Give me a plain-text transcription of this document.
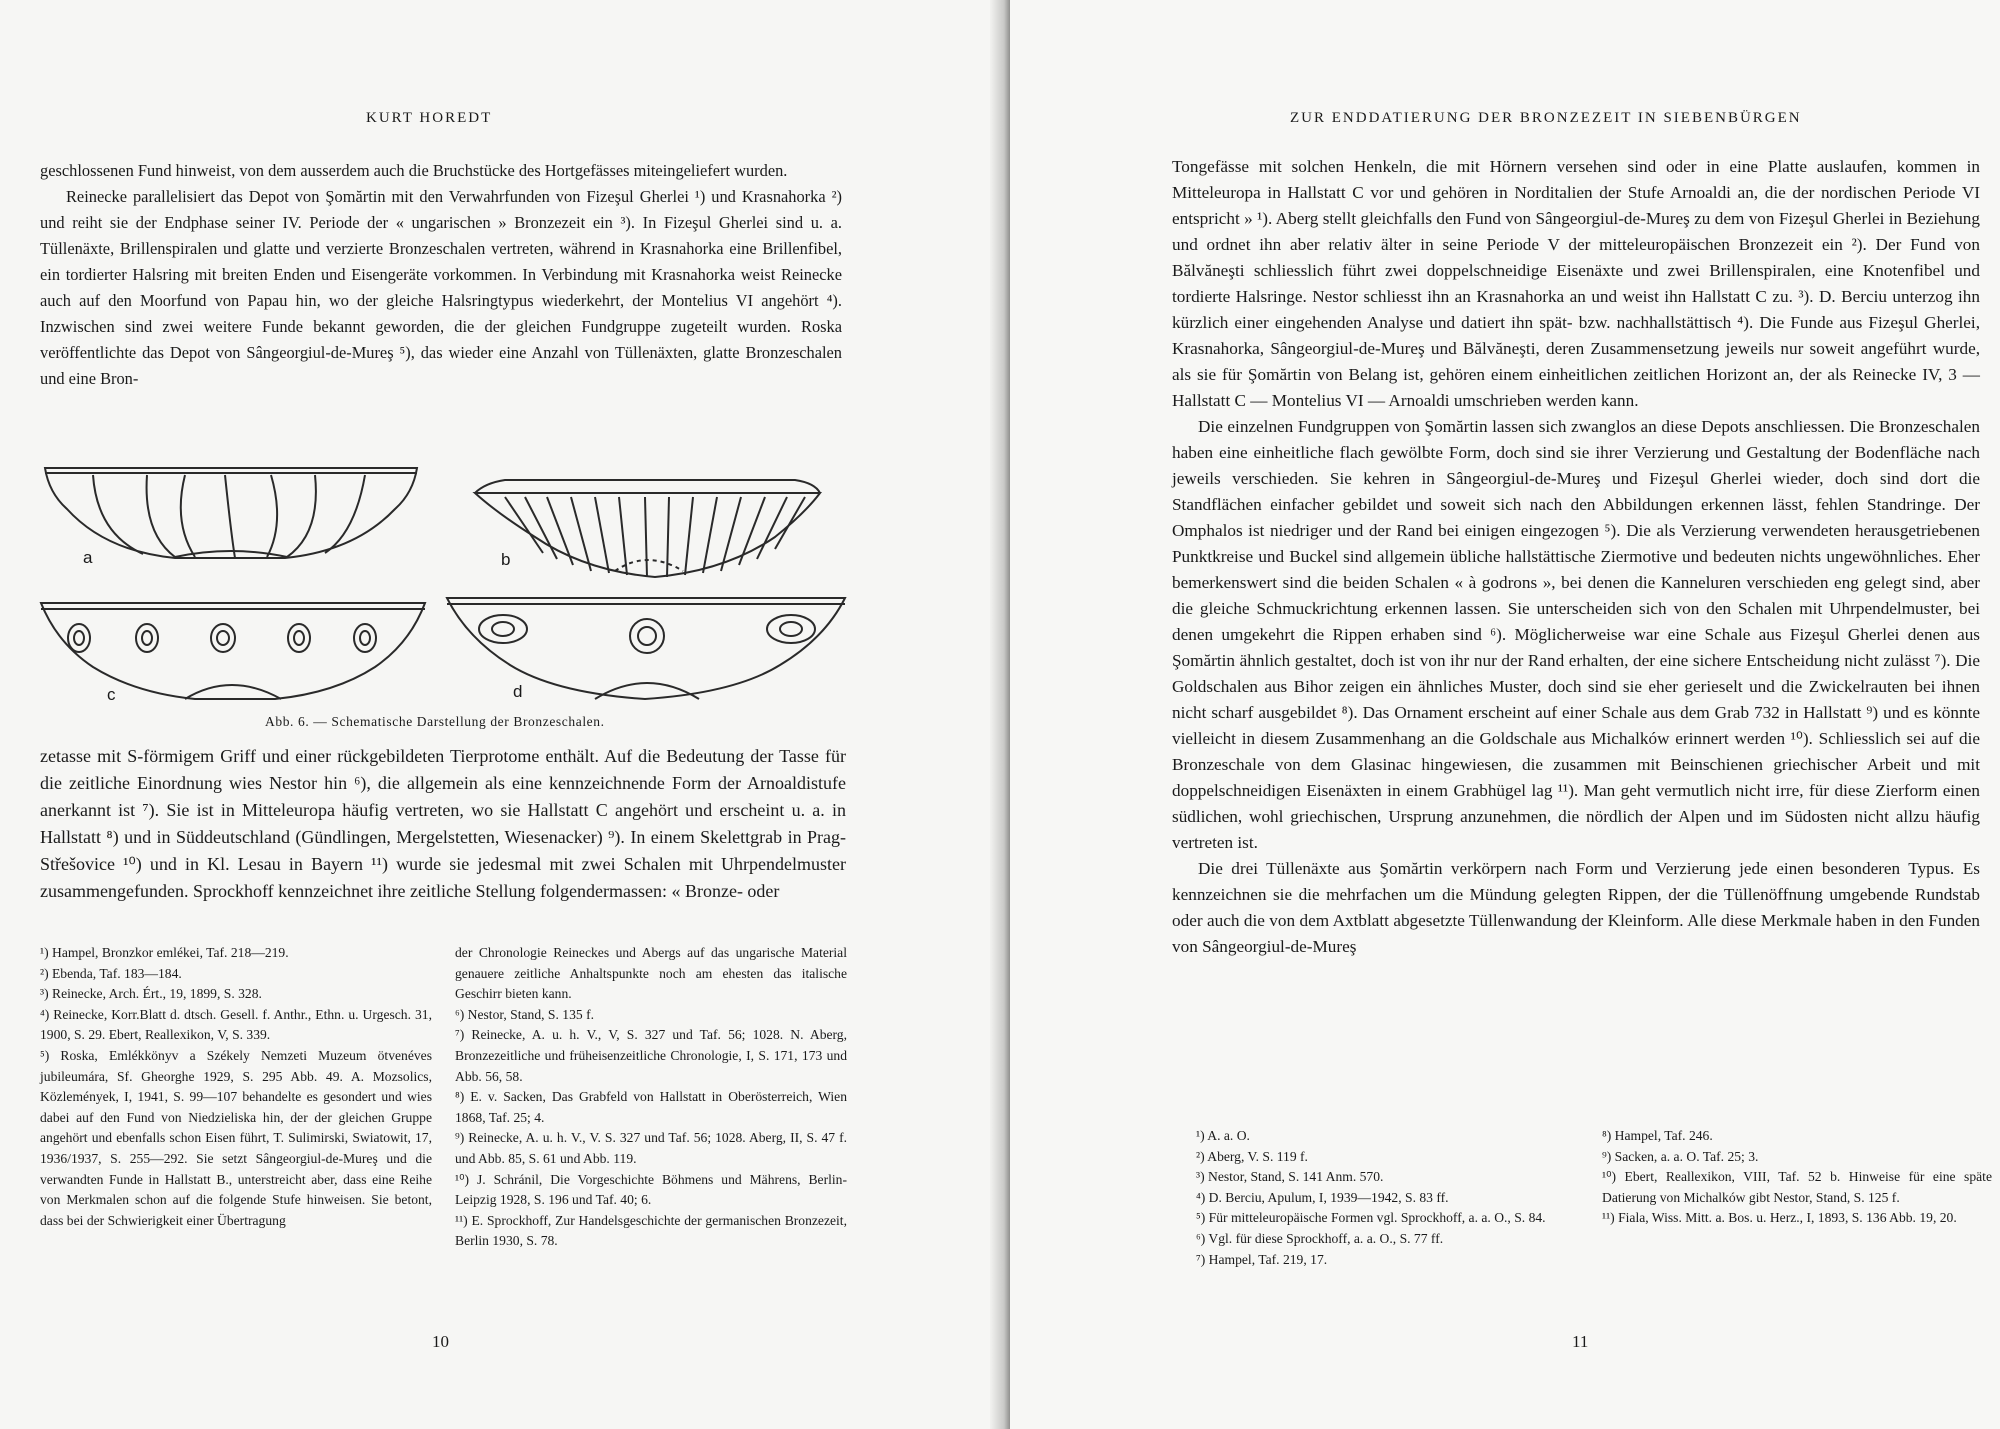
KURT HOREDT

geschlossenen Fund hinweist, von dem ausserdem auch die Bruchstücke des Hortgefässes miteingeliefert wurden.

Reinecke parallelisiert das Depot von Şomărtin mit den Verwahrfunden von Fizeşul Gherlei ¹) und Krasnahorka ²) und reiht sie der Endphase seiner IV. Periode der « ungarischen » Bronzezeit ein ³). In Fizeşul Gherlei sind u. a. Tüllenäxte, Brillenspiralen und glatte und verzierte Bronzeschalen vertreten, während in Krasnahorka eine Brillenfibel, ein tordierter Halsring mit breiten Enden und Eisengeräte vorkommen. In Verbindung mit Krasnahorka weist Reinecke auch auf den Moorfund von Papau hin, wo der gleiche Halsringtypus wiederkehrt, der Montelius VI angehört ⁴). Inzwischen sind zwei weitere Funde bekannt geworden, die der gleichen Fundgruppe zugeteilt wurden. Roska veröffentlichte das Depot von Sângeorgiul-de-Mureş ⁵), das wieder eine Anzahl von Tüllenäxten, glatte Bronzeschalen und eine Bron-

a	b
c	d
Abb. 6. — Schematische Darstellung der Bronzeschalen.

zetasse mit S-förmigem Griff und einer rückgebildeten Tierprotome enthält. Auf die Bedeutung der Tasse für die zeitliche Einordnung wies Nestor hin ⁶), die allgemein als eine kennzeichnende Form der Arnoaldistufe anerkannt ist ⁷). Sie ist in Mitteleuropa häufig vertreten, wo sie Hallstatt C angehört und erscheint u. a. in Hallstatt ⁸) und in Süddeutschland (Gündlingen, Mergelstetten, Wiesenacker) ⁹). In einem Skelettgrab in Prag-Střešovice ¹⁰) und in Kl. Lesau in Bayern ¹¹) wurde sie jedesmal mit zwei Schalen mit Uhrpendelmuster zusammengefunden. Sprockhoff kennzeichnet ihre zeitliche Stellung folgendermassen: « Bronze- oder

¹) Hampel, Bronzkor emlékei, Taf. 218—219.

²) Ebenda, Taf. 183—184.

³) Reinecke, Arch. Ért., 19, 1899, S. 328.

⁴) Reinecke, Korr.Blatt d. dtsch. Gesell. f. Anthr., Ethn. u. Urgesch. 31, 1900, S. 29. Ebert, Reallexikon, V, S. 339.

⁵) Roska, Emlékkönyv a Székely Nemzeti Muzeum ötvenéves jubileumára, Sf. Gheorghe 1929, S. 295 Abb. 49. A. Mozsolics, Közlemények, I, 1941, S. 99—107 behandelte es gesondert und wies dabei auf den Fund von Niedzieliska hin, der der gleichen Gruppe angehört und ebenfalls schon Eisen führt, T. Sulimirski, Swiatowit, 17, 1936/1937, S. 255—292. Sie setzt Sângeorgiul-de-Mureş und die verwandten Funde in Hallstatt B., unterstreicht aber, dass eine Reihe von Merkmalen schon auf die folgende Stufe hinweisen. Sie betont, dass bei der Schwierigkeit einer Übertragung

der Chronologie Reineckes und Abergs auf das ungarische Material genauere zeitliche Anhaltspunkte noch am ehesten das italische Geschirr bieten kann.

⁶) Nestor, Stand, S. 135 f.

⁷) Reinecke, A. u. h. V., V, S. 327 und Taf. 56; 1028. N. Aberg, Bronzezeitliche und früheisenzeitliche Chronologie, I, S. 171, 173 und Abb. 56, 58.

⁸) E. v. Sacken, Das Grabfeld von Hallstatt in Oberösterreich, Wien 1868, Taf. 25; 4.

⁹) Reinecke, A. u. h. V., V. S. 327 und Taf. 56; 1028. Aberg, II, S. 47 f. und Abb. 85, S. 61 und Abb. 119.

¹⁰) J. Schránil, Die Vorgeschichte Böhmens und Mährens, Berlin-Leipzig 1928, S. 196 und Taf. 40; 6.

¹¹) E. Sprockhoff, Zur Handelsgeschichte der germanischen Bronzezeit, Berlin 1930, S. 78.

10
ZUR ENDDATIERUNG DER BRONZEZEIT IN SIEBENBÜRGEN

Tongefässe mit solchen Henkeln, die mit Hörnern versehen sind oder in eine Platte auslaufen, kommen in Mitteleuropa in Hallstatt C vor und gehören in Norditalien der Stufe Arnoaldi an, die der nordischen Periode VI entspricht » ¹). Aberg stellt gleichfalls den Fund von Sângeorgiul-de-Mureş zu dem von Fizeşul Gherlei in Beziehung und ordnet ihn aber relativ älter in seine Periode V der mitteleuropäischen Bronzezeit ein ²). Der Fund von Bălvăneşti schliesslich führt zwei doppelschneidige Eisenäxte und zwei Brillenspiralen, eine Knotenfibel und tordierte Halsringe. Nestor schliesst ihn an Krasnahorka an und weist ihn Hallstatt C zu. ³). D. Berciu unterzog ihn kürzlich einer eingehenden Analyse und datiert ihn spät- bzw. nachhallstättisch ⁴). Die Funde aus Fizeşul Gherlei, Krasnahorka, Sângeorgiul-de-Mureş und Bălvăneşti, deren Zusammensetzung jeweils nur soweit angeführt wurde, als sie für Şomărtin von Belang ist, gehören einem einheitlichen zeitlichen Horizont an, der als Reinecke IV, 3 — Hallstatt C — Montelius VI — Arnoaldi umschrieben werden kann.

Die einzelnen Fundgruppen von Şomărtin lassen sich zwanglos an diese Depots anschliessen. Die Bronzeschalen haben eine einheitliche flach gewölbte Form, doch sind sie ihrer Verzierung und Gestaltung der Bodenfläche nach jeweils verschieden. Sie kehren in Sângeorgiul-de-Mureş und Fizeşul Gherlei wieder, doch sind dort die Standflächen einfacher gebildet und soweit sich nach den Abbildungen erkennen lässt, fehlen Standringe. Der Omphalos ist niedriger und der Rand bei einigen eingezogen ⁵). Die als Verzierung verwendeten herausgetriebenen Punktkreise und Buckel sind allgemein übliche hallstättische Ziermotive und bedeuten nichts ungewöhnliches. Eher bemerkenswert sind die beiden Schalen « à godrons », bei denen die Kanneluren verschieden eng gelegt sind, aber die gleiche Schmuckrichtung erkennen lassen. Sie unterscheiden sich von den Schalen mit Uhrpendelmuster, bei denen umgekehrt die Rippen erhaben sind ⁶). Möglicherweise war eine Schale aus Fizeşul Gherlei denen aus Şomărtin ähnlich gestaltet, doch ist von ihr nur der Rand erhalten, der eine sichere Entscheidung nicht zulässt ⁷). Die Goldschalen aus Bihor zeigen ein ähnliches Muster, doch sind sie eher gerieselt und die Zwickelrauten bei ihnen nicht scharf ausgebildet ⁸). Das Ornament erscheint auf einer Schale aus dem Grab 732 in Hallstatt ⁹) und es könnte vielleicht in diesem Zusammenhang an die Goldschale aus Michalków erinnert werden ¹⁰). Schliesslich sei auf die Bronzeschale von dem Glasinac hingewiesen, die zusammen mit Beinschienen griechischer Arbeit und mit doppelschneidigen Eisenäxten in einem Grabhügel lag ¹¹). Man geht vermutlich nicht irre, für diese Zierform einen südlichen, wohl griechischen, Ursprung anzunehmen, die nördlich der Alpen und im Südosten nicht allzu häufig vertreten ist.

Die drei Tüllenäxte aus Şomărtin verkörpern nach Form und Verzierung jede einen besonderen Typus. Es kennzeichnen sie die mehrfachen um die Mündung gelegten Rippen, der die Tüllenöffnung umgebende Rundstab oder auch die von dem Axtblatt abgesetzte Tüllenwandung der Kleinform. Alle diese Merkmale haben in den Funden von Sângeorgiul-de-Mureş

¹) A. a. O.

²) Aberg, V. S. 119 f.

³) Nestor, Stand, S. 141 Anm. 570.

⁴) D. Berciu, Apulum, I, 1939—1942, S. 83 ff.

⁵) Für mitteleuropäische Formen vgl. Sprockhoff, a. a. O., S. 84.

⁶) Vgl. für diese Sprockhoff, a. a. O., S. 77 ff.

⁷) Hampel, Taf. 219, 17.

⁸) Hampel, Taf. 246.

⁹) Sacken, a. a. O. Taf. 25; 3.

¹⁰) Ebert, Reallexikon, VIII, Taf. 52 b. Hinweise für eine späte Datierung von Michalków gibt Nestor, Stand, S. 125 f.

¹¹) Fiala, Wiss. Mitt. a. Bos. u. Herz., I, 1893, S. 136 Abb. 19, 20.

11
